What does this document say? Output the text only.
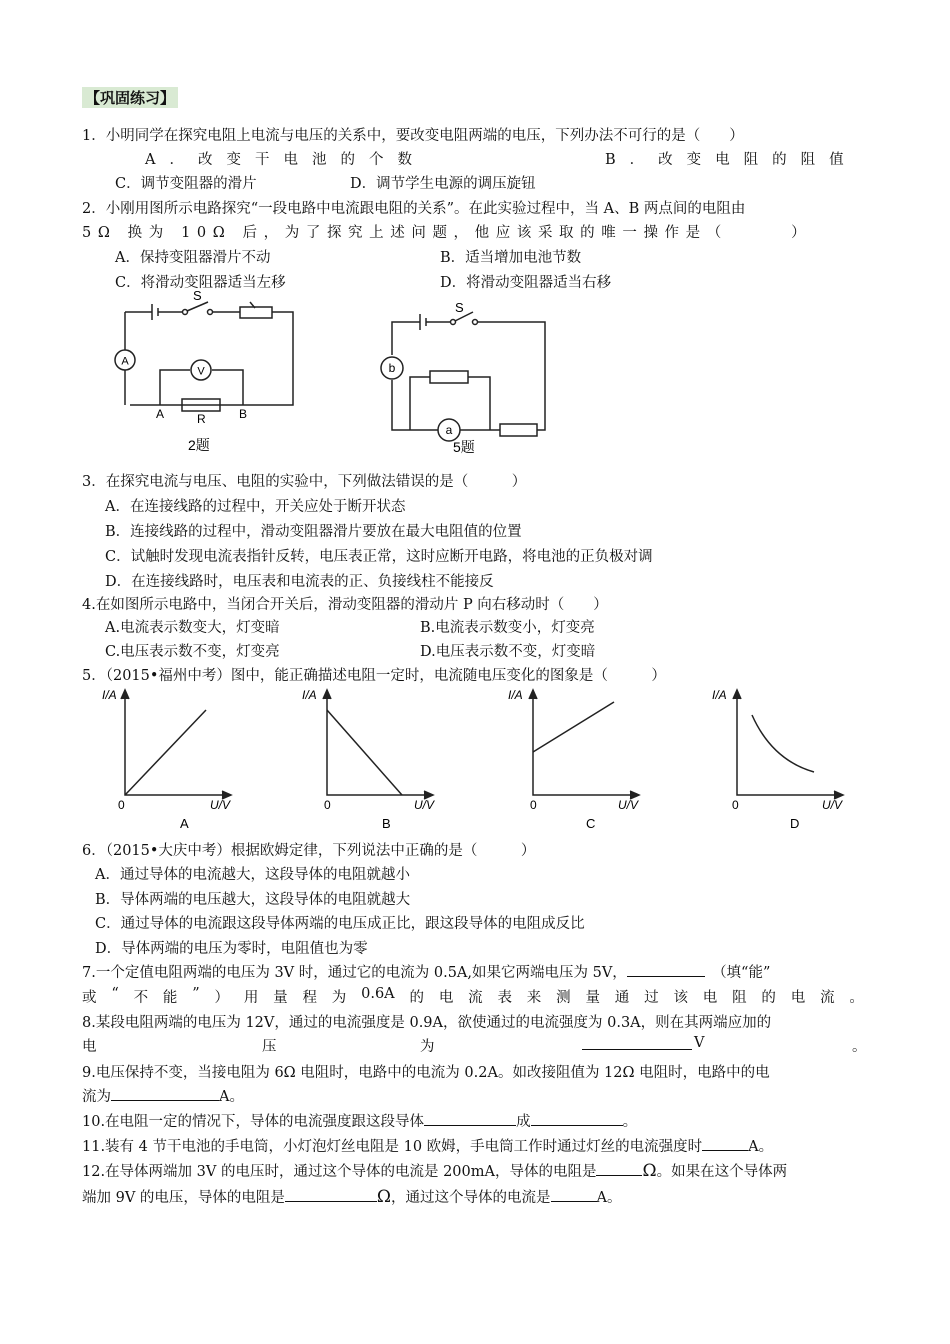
【巩固练习】
1．小明同学在探究电阻上电流与电压的关系中，要改变电阻两端的电压，下列办法不可行的是（　　）
A．改变干电池的个数	B．改变电阻的阻值
C．调节变阻器的滑片	D．调节学生电源的调压旋钮
2．小刚用图所示电路探究“一段电路中电流跟电阻的关系”。在此实验过程中，当 A、B 两点间的电阻由
5Ω 换为 10Ω 后，为了探究上述问题，他应该采取的唯一操作是（　　　）
A．保持变阻器滑片不动	B．适当增加电池节数
C．将滑动变阻器适当左移	D．将滑动变阻器适当右移
A
V
S
R
A	B
2题
b
a
S
5题
3．在探究电流与电压、电阻的实验中，下列做法错误的是（　　　）
A．在连接线路的过程中，开关应处于断开状态
B．连接线路的过程中，滑动变阻器滑片要放在最大电阻值的位置
C．试触时发现电流表指针反转，电压表正常，这时应断开电路，将电池的正负极对调
D．在连接线路时，电压表和电流表的正、负接线柱不能接反
4.在如图所示电路中，当闭合开关后，滑动变阻器的滑动片 P 向右移动时（　　）
A.电流表示数变大，灯变暗	B.电流表示数变小，灯变亮
C.电压表示数不变，灯变亮	D.电压表示数不变，灯变暗
5．（2015•福州中考）图中，能正确描述电阻一定时，电流随电压变化的图象是（　　　）
I/A
0	U/V
A
I/A
0	U/V
B
I/A
0	U/V
C
I/A
0	U/V
D
6．（2015•大庆中考）根据欧姆定律，下列说法中正确的是（　　　）
A．通过导体的电流越大，这段导体的电阻就越小
B．导体两端的电压越大，这段导体的电阻就越大
C．通过导体的电流跟这段导体两端的电压成正比，跟这段导体的电阻成反比
D．导体两端的电压为零时，电阻值也为零
7.一个定值电阻两端的电压为 3V 时，通过它的电流为 0.5A,如果它两端电压为 5V，　	（填“能”
或 “ 不 能 ” ） 用 量 程 为 0.6A 的 电 流 表 来 测 量 通 过 该 电 阻 的 电 流 。
8.某段电阻两端的电压为 12V，通过的电流强度是 0.9A，欲使通过的电流强度为 0.3A，则在其两端应加的
电	压	为	V	。
9.电压保持不变，当接电阻为 6Ω 电阻时，电路中的电流为 0.2A。如改接阻值为 12Ω 电阻时，电路中的电
流为	A。
10.在电阻一定的情况下，导体的电流强度跟这段导体	成	。
11.装有 4 节干电池的手电筒，小灯泡灯丝电阻是 10 欧姆，手电筒工作时通过灯丝的电流强度时	A。
12.在导体两端加 3V 的电压时，通过这个导体的电流是 200mA，导体的电阻是	Ω。如果在这个导体两
端加 9V 的电压，导体的电阻是	Ω，通过这个导体的电流是	A。
